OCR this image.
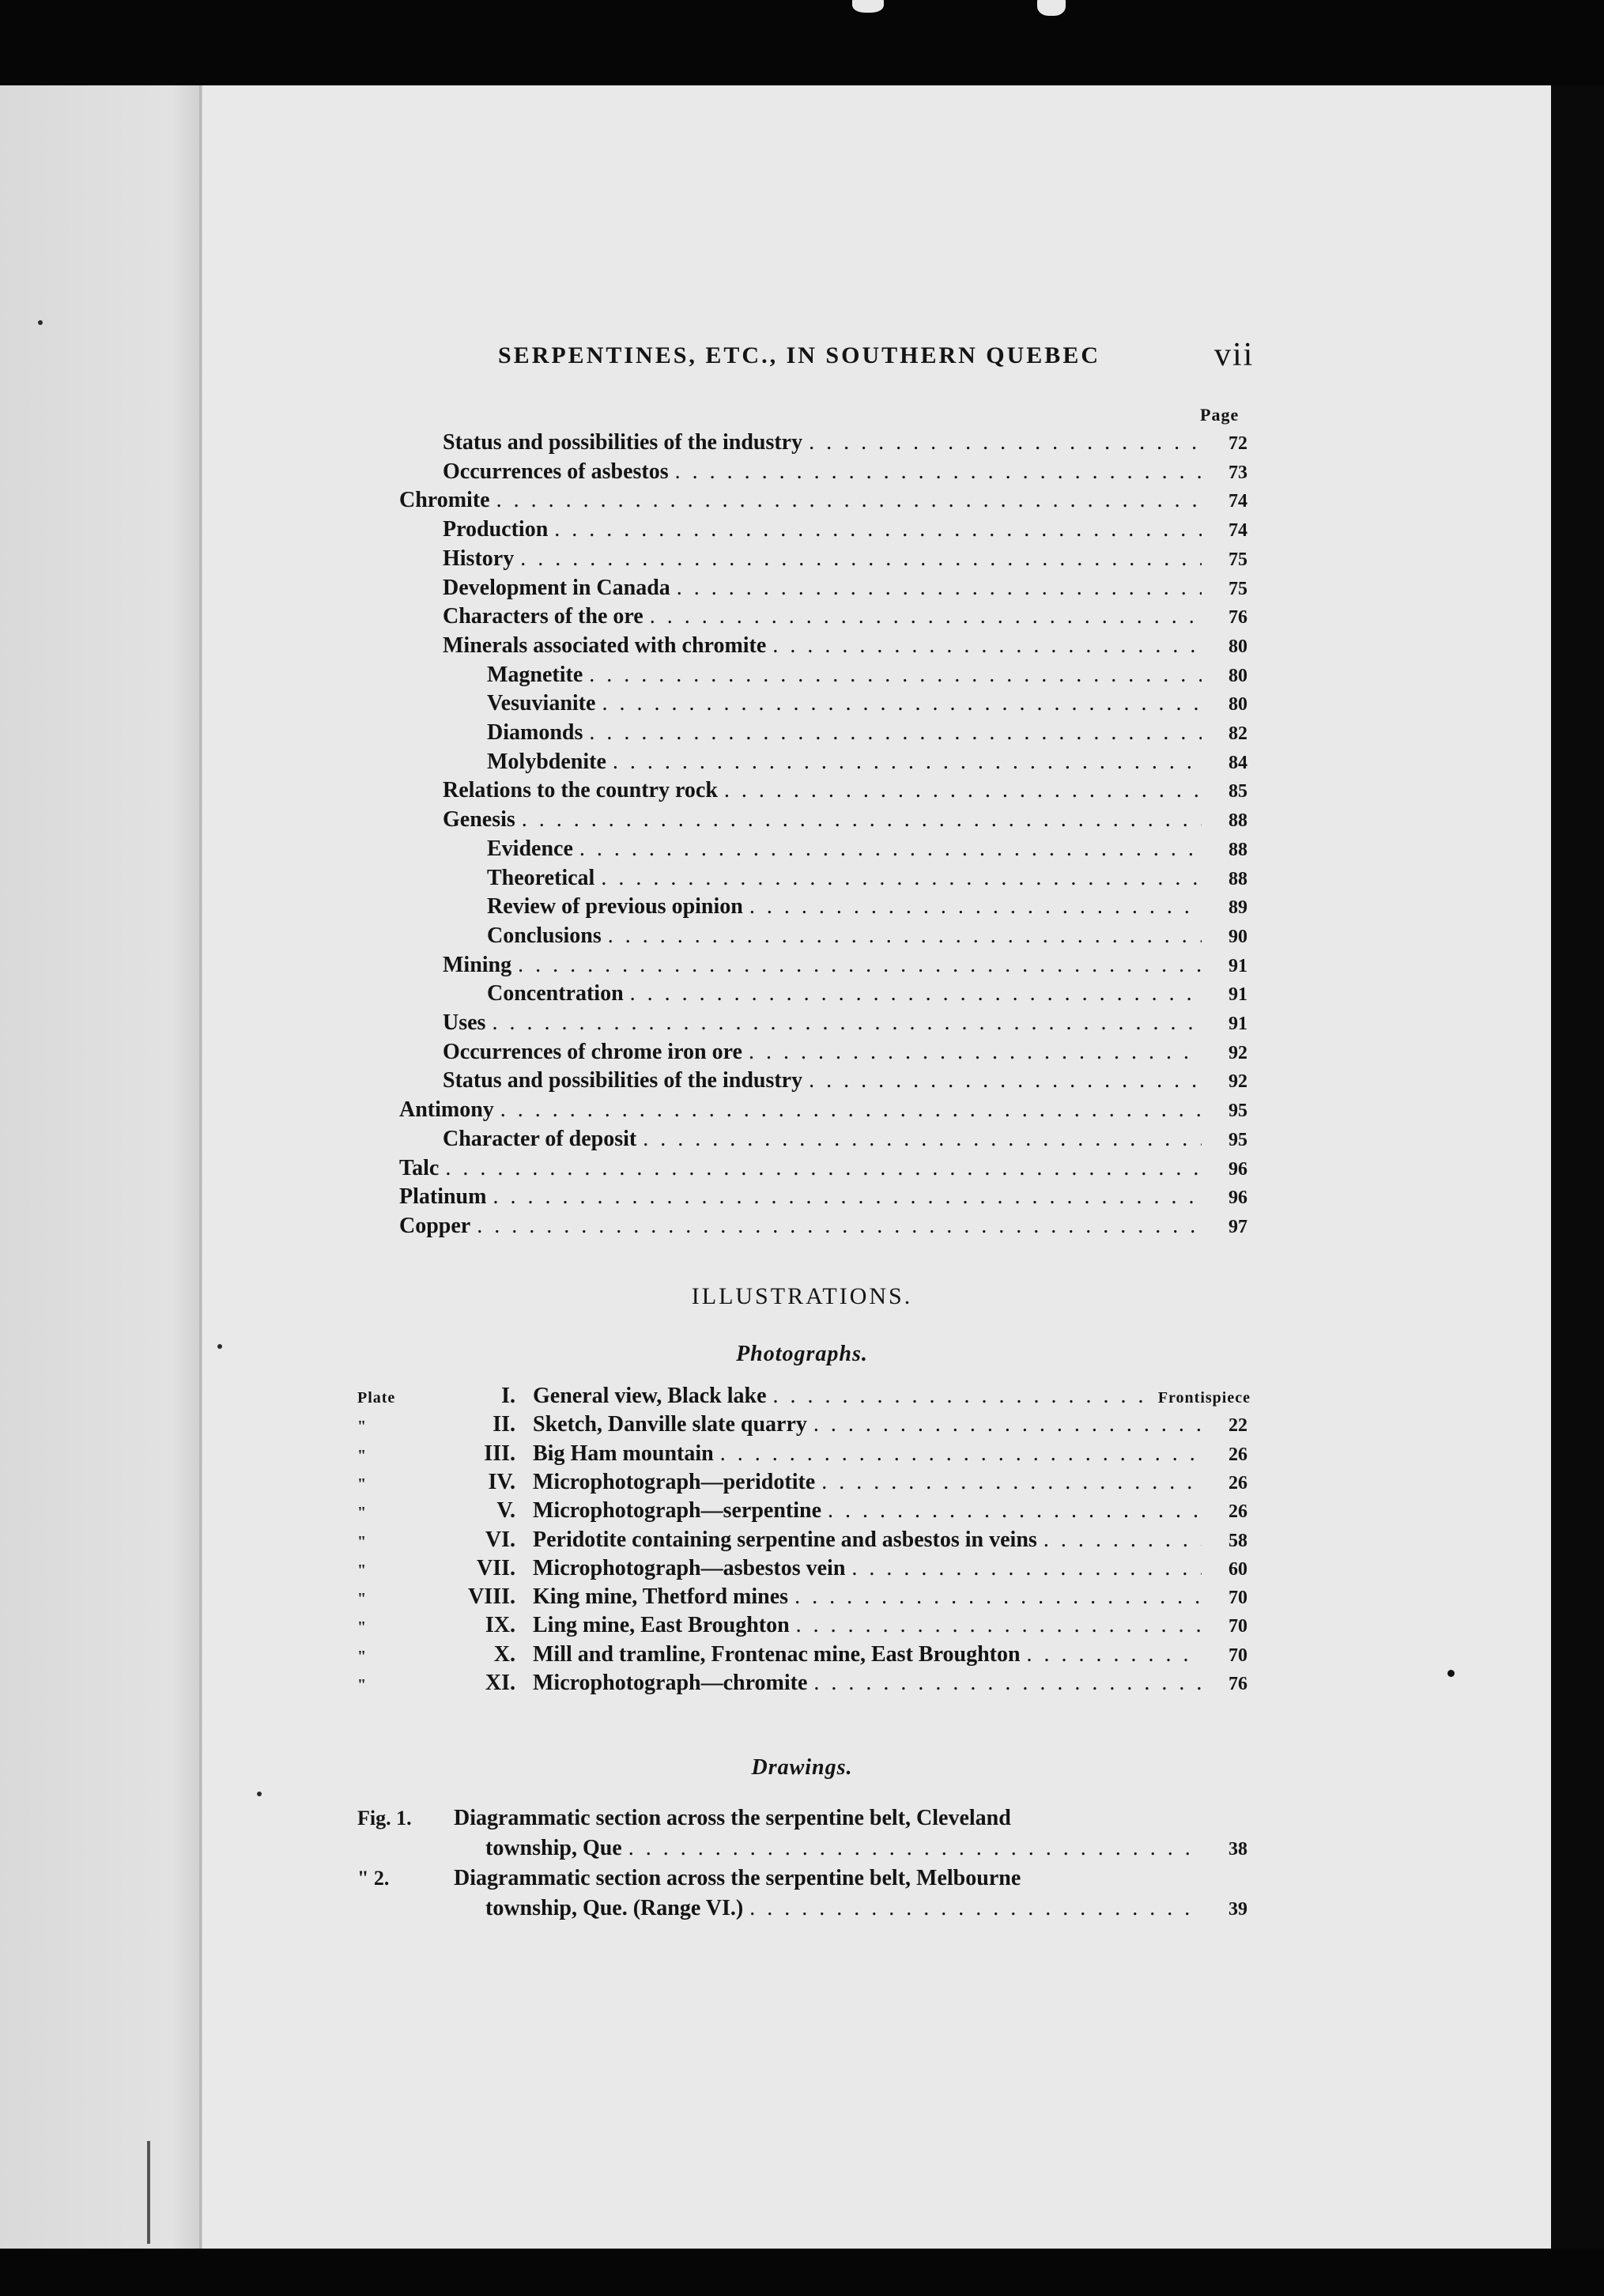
SERPENTINES, ETC., IN SOUTHERN QUEBEC	vii
Page
Status and possibilities of the industry . . .	72
Occurrences of asbestos . . .	73
Chromite . . .	74
Production . . .	74
History . . .	75
Development in Canada . . .	75
Characters of the ore . . .	76
Minerals associated with chromite . . .	80
Magnetite . . .	80
Vesuvianite . . .	80
Diamonds . . .	82
Molybdenite . . .	84
Relations to the country rock . . .	85
Genesis . . .	88
Evidence . . .	88
Theoretical . . .	88
Review of previous opinion . . .	89
Conclusions . . .	90
Mining . . .	91
Concentration . . .	91
Uses . . .	91
Occurrences of chrome iron ore . . .	92
Status and possibilities of the industry . . .	92
Antimony . . .	95
Character of deposit . . .	95
Talc . . .	96
Platinum . . .	96
Copper . . .	97
ILLUSTRATIONS.
Photographs.
Plate	I. General view, Black lake . . .	Frontispiece
"	II. Sketch, Danville slate quarry . . .	22
"	III. Big Ham mountain . . .	26
"	IV. Microphotograph—peridotite . . .	26
"	V. Microphotograph—serpentine . . .	26
"	VI. Peridotite containing serpentine and asbestos in veins . . .	58
"	VII. Microphotograph—asbestos vein . . .	60
"	VIII. King mine, Thetford mines . . .	70
"	IX. Ling mine, East Broughton . . .	70
"	X. Mill and tramline, Frontenac mine, East Broughton . . .	70
"	XI. Microphotograph—chromite . . .	76
Drawings.
Fig. 1.	Diagrammatic section across the serpentine belt, Cleveland
township, Que . . .	38
" 2.	Diagrammatic section across the serpentine belt, Melbourne
township, Que. (Range VI.) . . .	39
